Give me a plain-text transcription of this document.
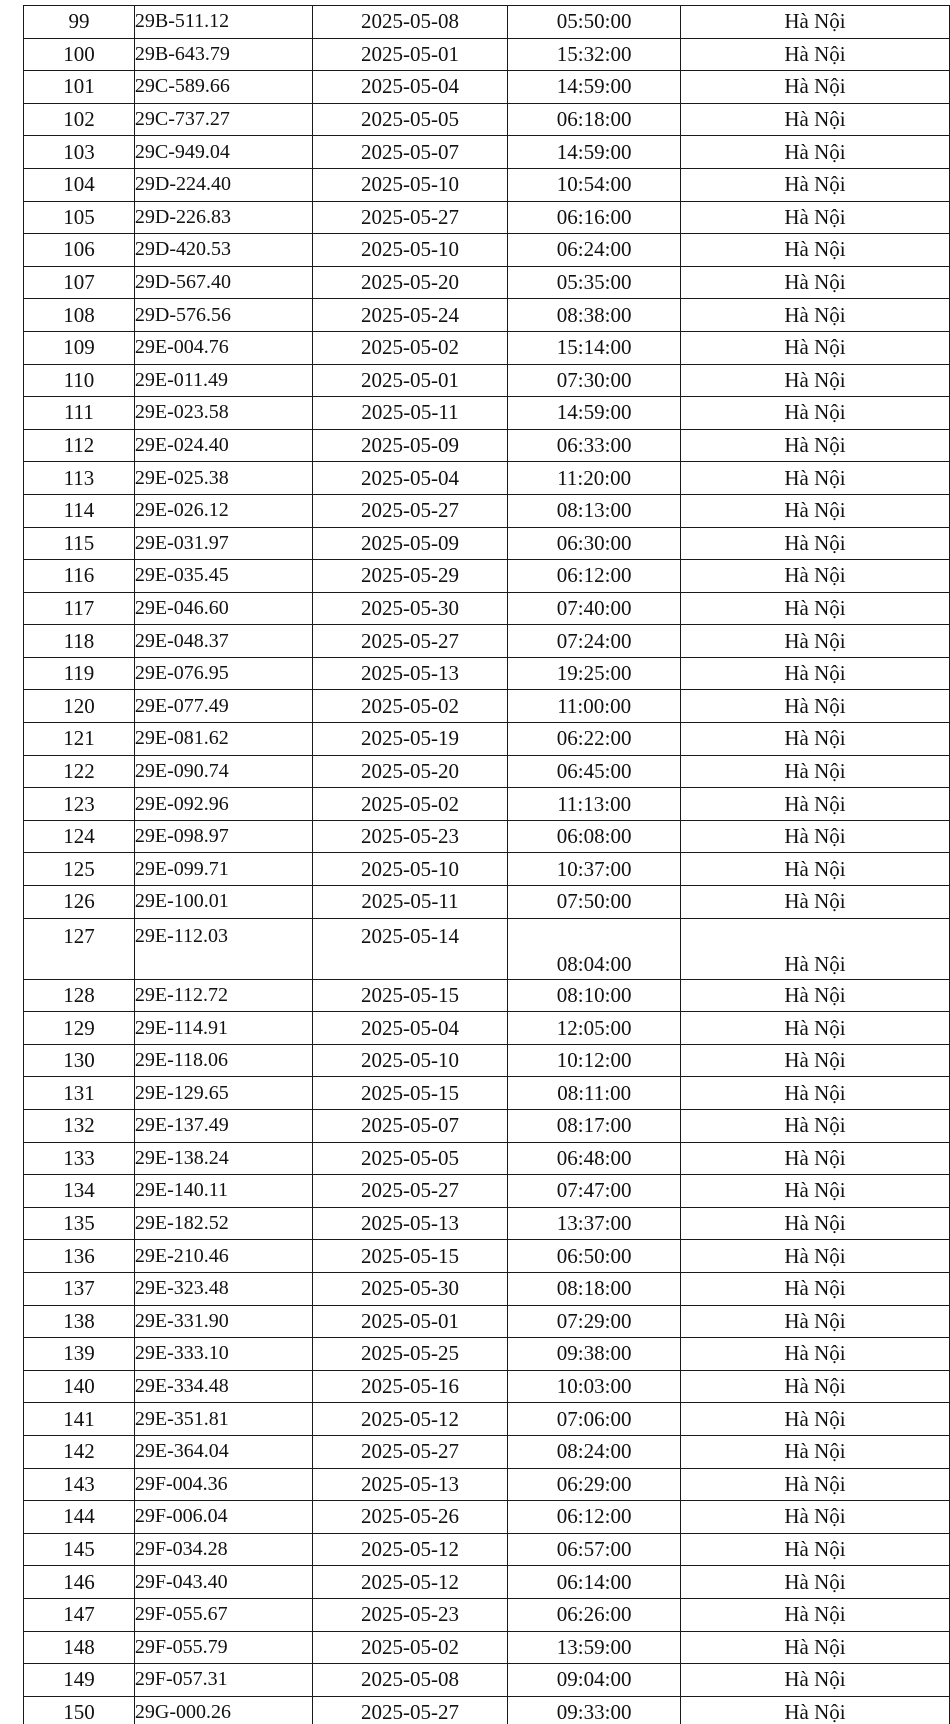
99	29B-511.12	2025-05-08	05:50:00	Hà Nội
100	29B-643.79	2025-05-01	15:32:00	Hà Nội
101	29C-589.66	2025-05-04	14:59:00	Hà Nội
102	29C-737.27	2025-05-05	06:18:00	Hà Nội
103	29C-949.04	2025-05-07	14:59:00	Hà Nội
104	29D-224.40	2025-05-10	10:54:00	Hà Nội
105	29D-226.83	2025-05-27	06:16:00	Hà Nội
106	29D-420.53	2025-05-10	06:24:00	Hà Nội
107	29D-567.40	2025-05-20	05:35:00	Hà Nội
108	29D-576.56	2025-05-24	08:38:00	Hà Nội
109	29E-004.76	2025-05-02	15:14:00	Hà Nội
110	29E-011.49	2025-05-01	07:30:00	Hà Nội
111	29E-023.58	2025-05-11	14:59:00	Hà Nội
112	29E-024.40	2025-05-09	06:33:00	Hà Nội
113	29E-025.38	2025-05-04	11:20:00	Hà Nội
114	29E-026.12	2025-05-27	08:13:00	Hà Nội
115	29E-031.97	2025-05-09	06:30:00	Hà Nội
116	29E-035.45	2025-05-29	06:12:00	Hà Nội
117	29E-046.60	2025-05-30	07:40:00	Hà Nội
118	29E-048.37	2025-05-27	07:24:00	Hà Nội
119	29E-076.95	2025-05-13	19:25:00	Hà Nội
120	29E-077.49	2025-05-02	11:00:00	Hà Nội
121	29E-081.62	2025-05-19	06:22:00	Hà Nội
122	29E-090.74	2025-05-20	06:45:00	Hà Nội
123	29E-092.96	2025-05-02	11:13:00	Hà Nội
124	29E-098.97	2025-05-23	06:08:00	Hà Nội
125	29E-099.71	2025-05-10	10:37:00	Hà Nội
126	29E-100.01	2025-05-11	07:50:00	Hà Nội
127	29E-112.03	2025-05-14	08:04:00	Hà Nội
128	29E-112.72	2025-05-15	08:10:00	Hà Nội
129	29E-114.91	2025-05-04	12:05:00	Hà Nội
130	29E-118.06	2025-05-10	10:12:00	Hà Nội
131	29E-129.65	2025-05-15	08:11:00	Hà Nội
132	29E-137.49	2025-05-07	08:17:00	Hà Nội
133	29E-138.24	2025-05-05	06:48:00	Hà Nội
134	29E-140.11	2025-05-27	07:47:00	Hà Nội
135	29E-182.52	2025-05-13	13:37:00	Hà Nội
136	29E-210.46	2025-05-15	06:50:00	Hà Nội
137	29E-323.48	2025-05-30	08:18:00	Hà Nội
138	29E-331.90	2025-05-01	07:29:00	Hà Nội
139	29E-333.10	2025-05-25	09:38:00	Hà Nội
140	29E-334.48	2025-05-16	10:03:00	Hà Nội
141	29E-351.81	2025-05-12	07:06:00	Hà Nội
142	29E-364.04	2025-05-27	08:24:00	Hà Nội
143	29F-004.36	2025-05-13	06:29:00	Hà Nội
144	29F-006.04	2025-05-26	06:12:00	Hà Nội
145	29F-034.28	2025-05-12	06:57:00	Hà Nội
146	29F-043.40	2025-05-12	06:14:00	Hà Nội
147	29F-055.67	2025-05-23	06:26:00	Hà Nội
148	29F-055.79	2025-05-02	13:59:00	Hà Nội
149	29F-057.31	2025-05-08	09:04:00	Hà Nội
150	29G-000.26	2025-05-27	09:33:00	Hà Nội
